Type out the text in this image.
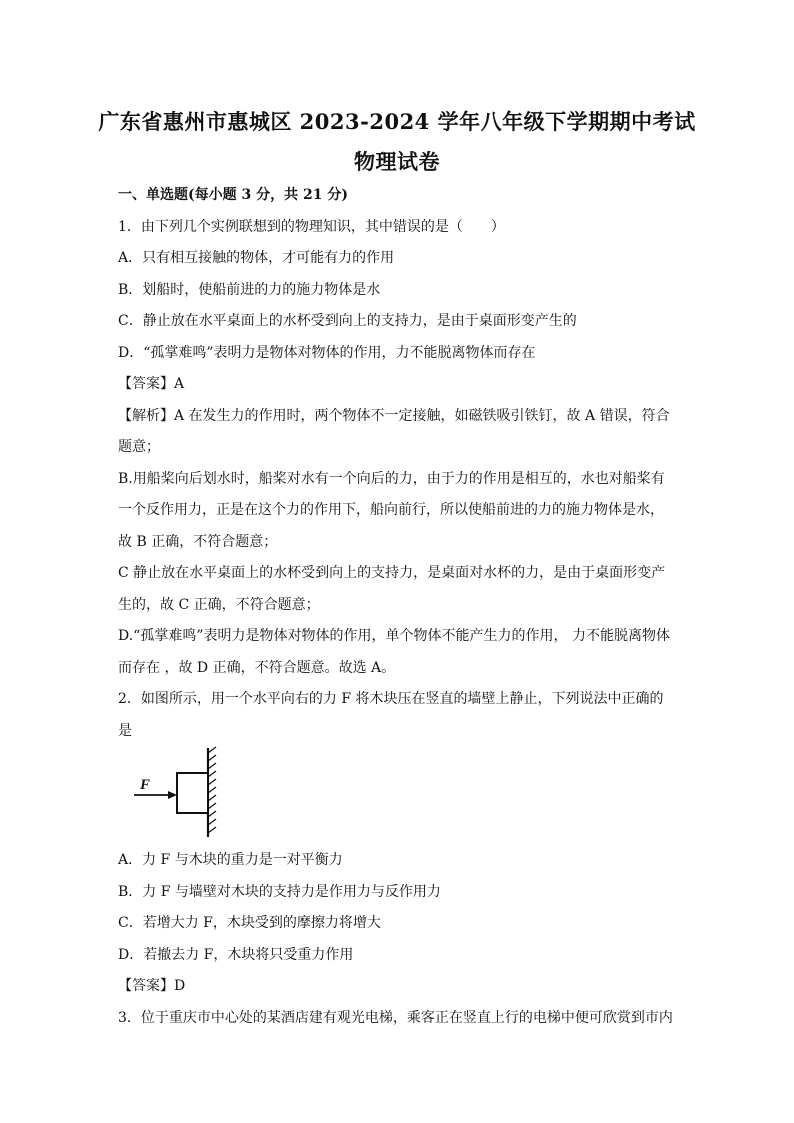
广东省惠州市惠城区 2023-2024 学年八年级下学期期中考试
物理试卷
一、单选题(每小题 3 分，共 21 分)
1．由下列几个实例联想到的物理知识，其中错误的是（　　）
A．只有相互接触的物体，才可能有力的作用
B．划船时，使船前进的力的施力物体是水
C．静止放在水平桌面上的水杯受到向上的支持力，是由于桌面形变产生的
D．“孤掌难鸣”表明力是物体对物体的作用，力不能脱离物体而存在
【答案】A
【解析】A 在发生力的作用时，两个物体不一定接触，如磁铁吸引铁钉，故 A 错误，符合
题意；
B.用船桨向后划水时，船桨对水有一个向后的力，由于力的作用是相互的，水也对船桨有
一个反作用力，正是在这个力的作用下，船向前行，所以使船前进的力的施力物体是水，
故 B 正确，不符合题意；
C 静止放在水平桌面上的水杯受到向上的支持力，是桌面对水杯的力，是由于桌面形变产
生的，故 C 正确，不符合题意；
D.“孤掌难鸣”表明力是物体对物体的作用，单个物体不能产生力的作用， 力不能脱离物体
而存在 ，故 D 正确，不符合题意。故选 A。
2．如图所示，用一个水平向右的力 F 将木块压在竖直的墙壁上静止，下列说法中正确的
是
F
A．力 F 与木块的重力是一对平衡力
B．力 F 与墙壁对木块的支持力是作用力与反作用力
C．若增大力 F，木块受到的摩擦力将增大
D．若撤去力 F，木块将只受重力作用
【答案】D
3．位于重庆市中心处的某酒店建有观光电梯，乘客正在竖直上行的电梯中便可欣赏到市内
